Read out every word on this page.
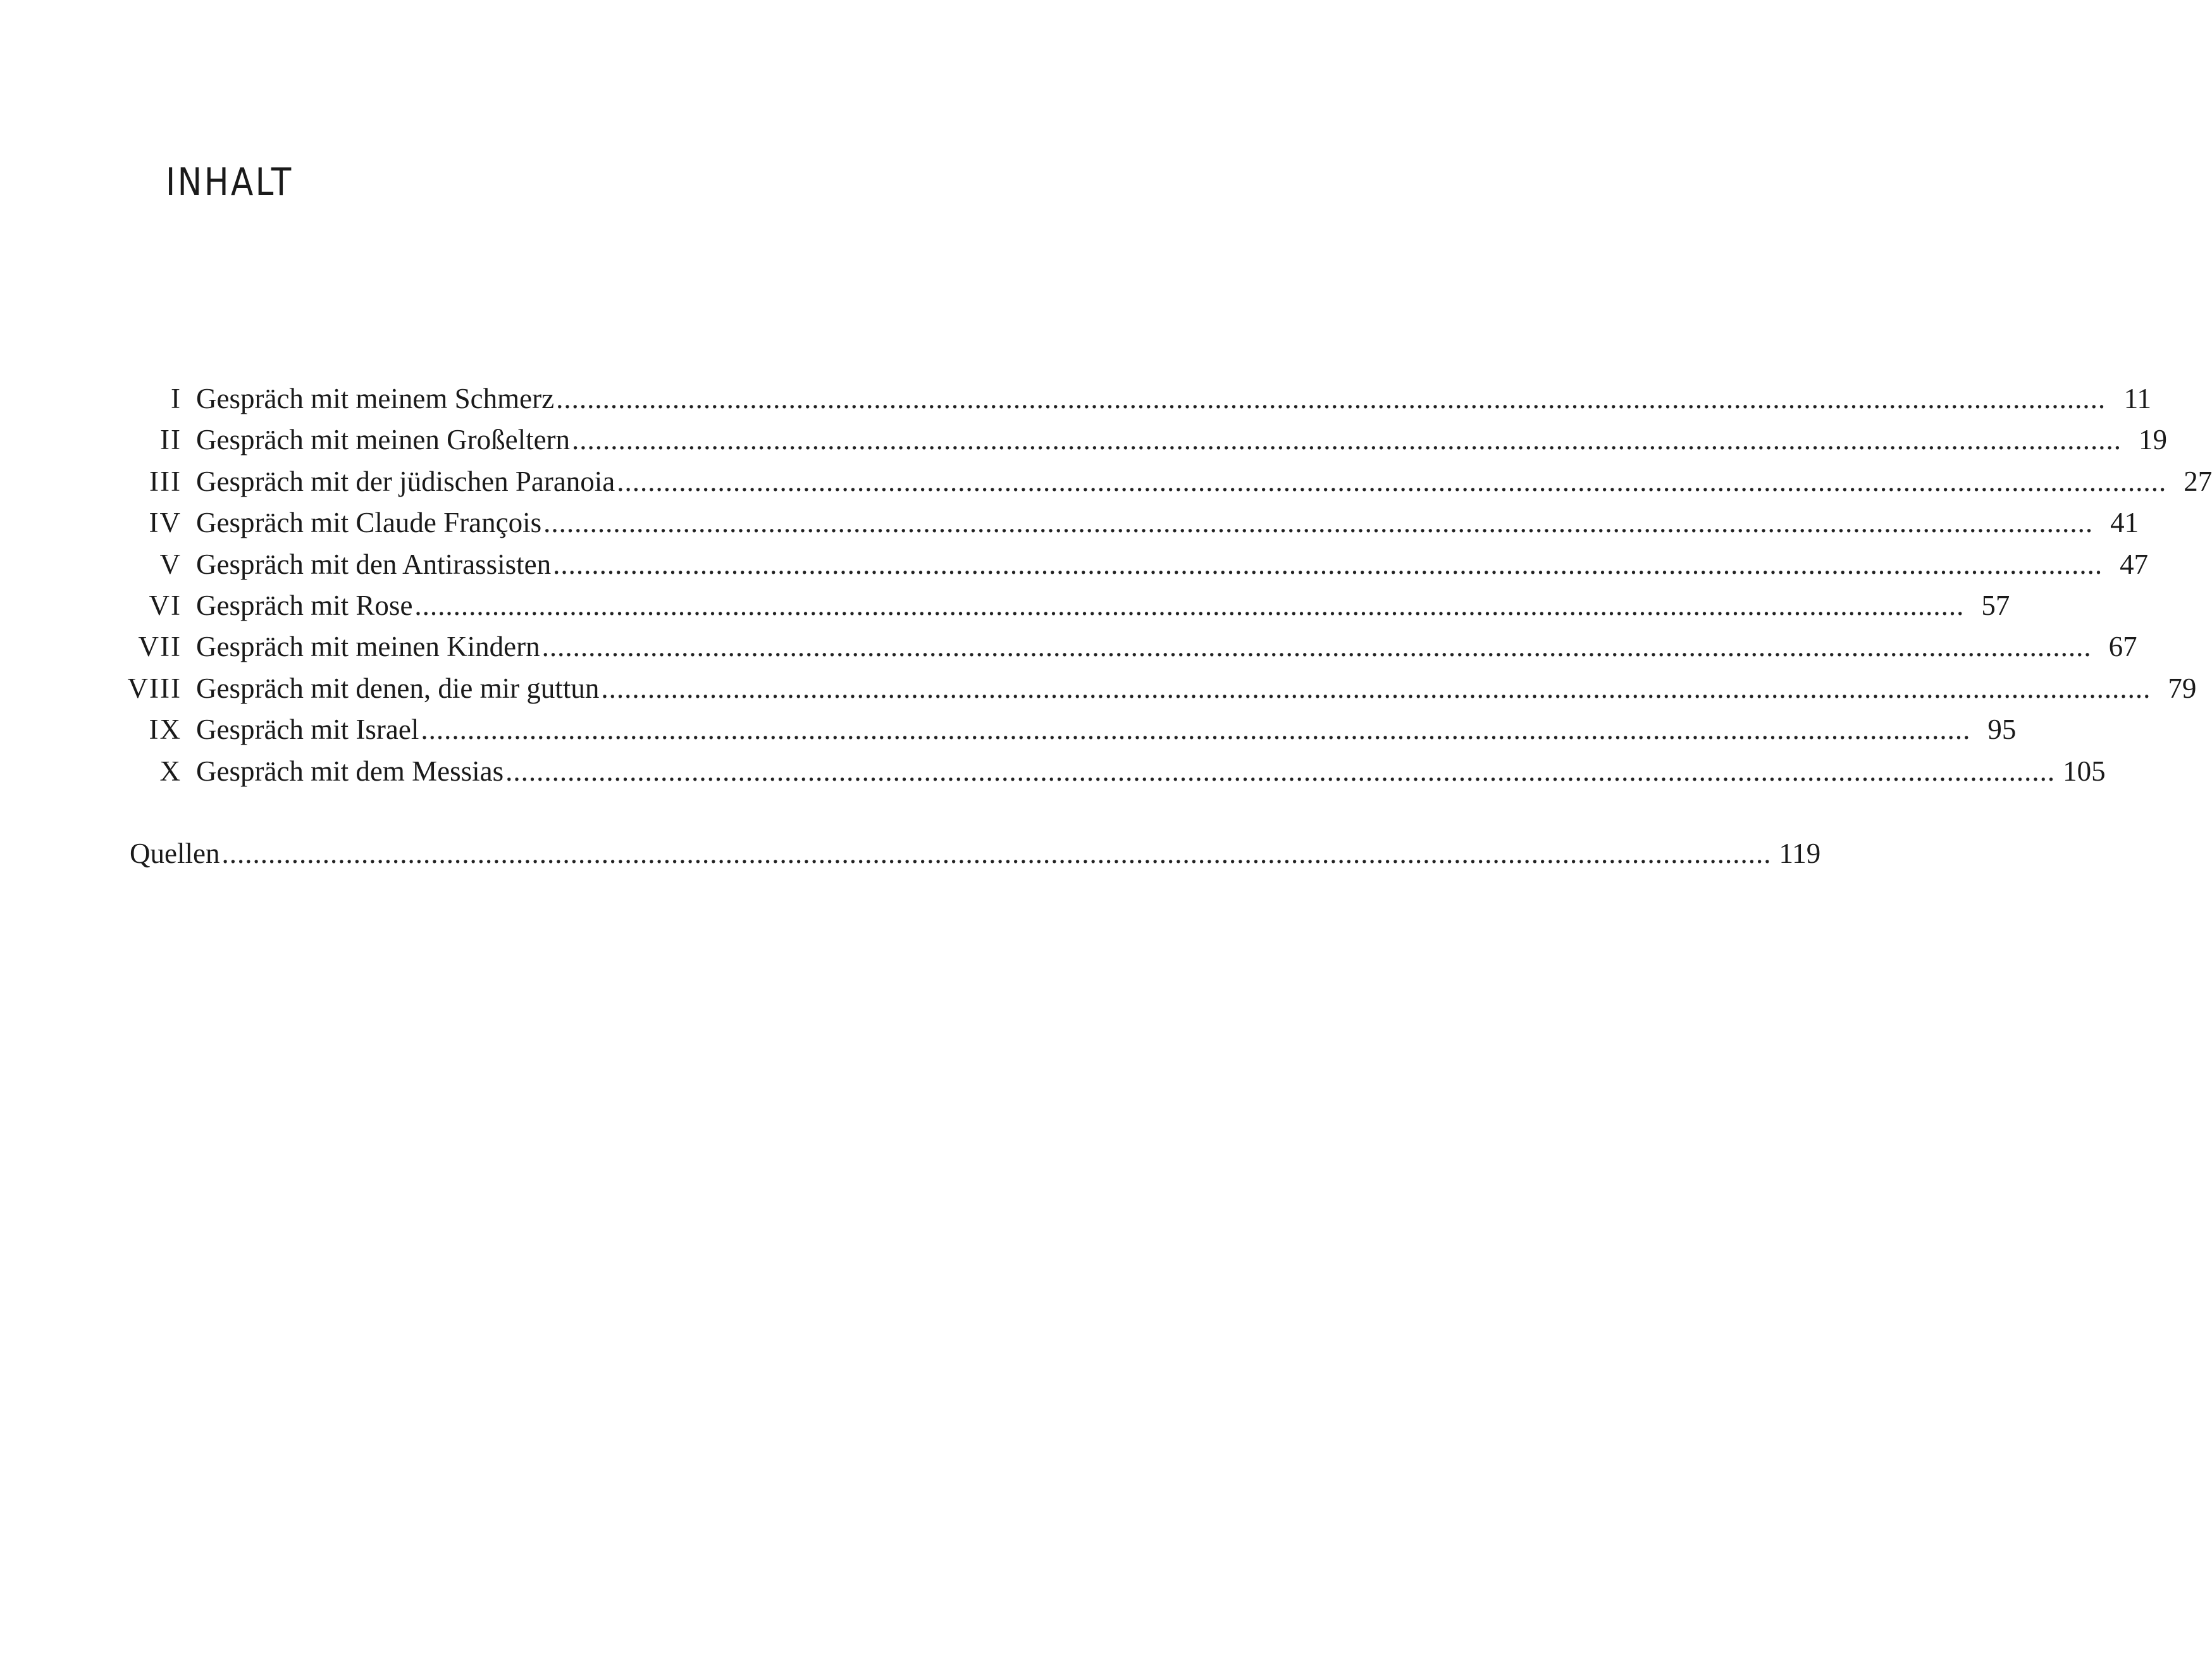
INHALT
I Gespräch mit meinem Schmerz ........................................................................................................................................................................................................ 11
II Gespräch mit meinen Großeltern ........................................................................................................................................................................................................ 19
III Gespräch mit der jüdischen Paranoia ........................................................................................................................................................................................................ 27
IV Gespräch mit Claude François ........................................................................................................................................................................................................ 41
V Gespräch mit den Antirassisten ........................................................................................................................................................................................................ 47
VI Gespräch mit Rose ........................................................................................................................................................................................................ 57
VII Gespräch mit meinen Kindern ........................................................................................................................................................................................................ 67
VIII Gespräch mit denen, die mir guttun ........................................................................................................................................................................................................ 79
IX Gespräch mit Israel ........................................................................................................................................................................................................ 95
X Gespräch mit dem Messias ........................................................................................................................................................................................................ 105
Quellen ........................................................................................................................................................................................................ 119
